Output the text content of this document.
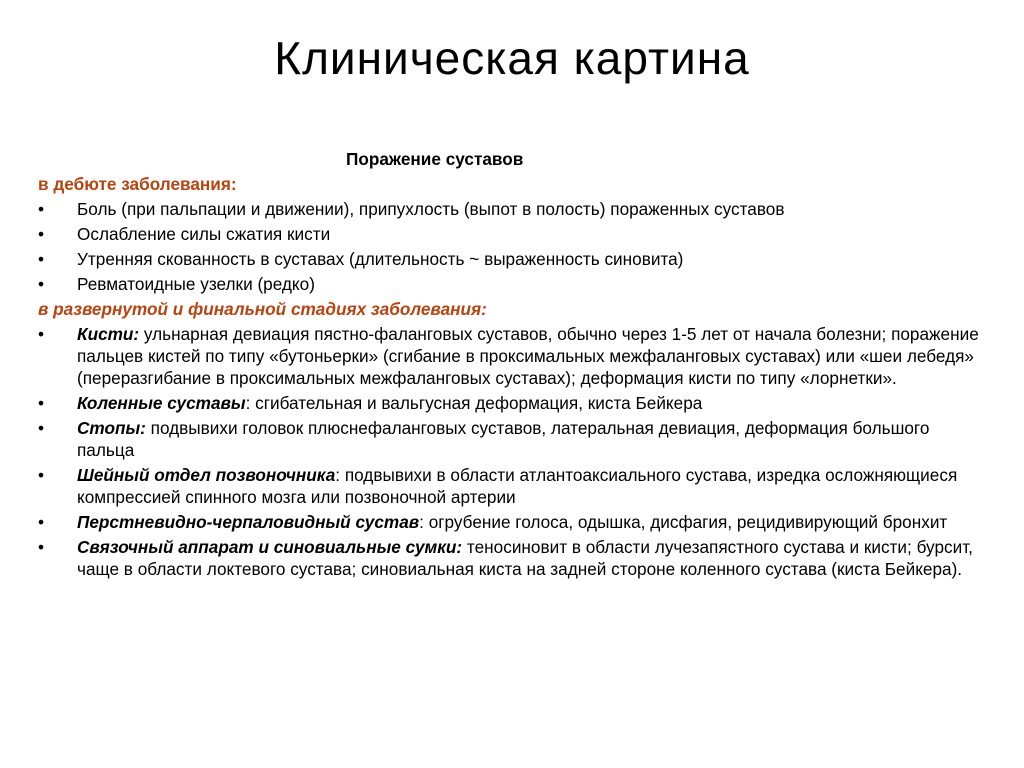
Клиническая картина
Поражение суставов
в дебюте заболевания:
• Боль (при пальпации и движении), припухлость (выпот в полость) пораженных суставов
• Ослабление силы сжатия кисти
• Утренняя скованность в суставах (длительность ~ выраженность синовита)
• Ревматоидные узелки (редко)
в развернутой и финальной стадиях заболевания:
• Кисти: ульнарная девиация пястно-фаланговых суставов, обычно через 1-5 лет от начала болезни; поражение пальцев кистей по типу «бутоньерки» (сгибание в проксимальных межфаланговых суставах) или «шеи лебедя» (переразгибание в проксимальных межфаланговых суставах); деформация кисти по типу «лорнетки».
• Коленные суставы: сгибательная и вальгусная деформация, киста Бейкера
• Стопы: подвывихи головок плюснефаланговых суставов, латеральная девиация, деформация большого пальца
• Шейный отдел позвоночника: подвывихи в области атлантоаксиального сустава, изредка осложняющиеся компрессией спинного мозга или позвоночной артерии
• Перстневидно-черпаловидный сустав: огрубение голоса, одышка, дисфагия, рецидивирующий бронхит
• Связочный аппарат и синовиальные сумки: теносиновит в области лучезапястного сустава и кисти; бурсит, чаще в области локтевого сустава; синовиальная киста на задней стороне коленного сустава (киста Бейкера).
